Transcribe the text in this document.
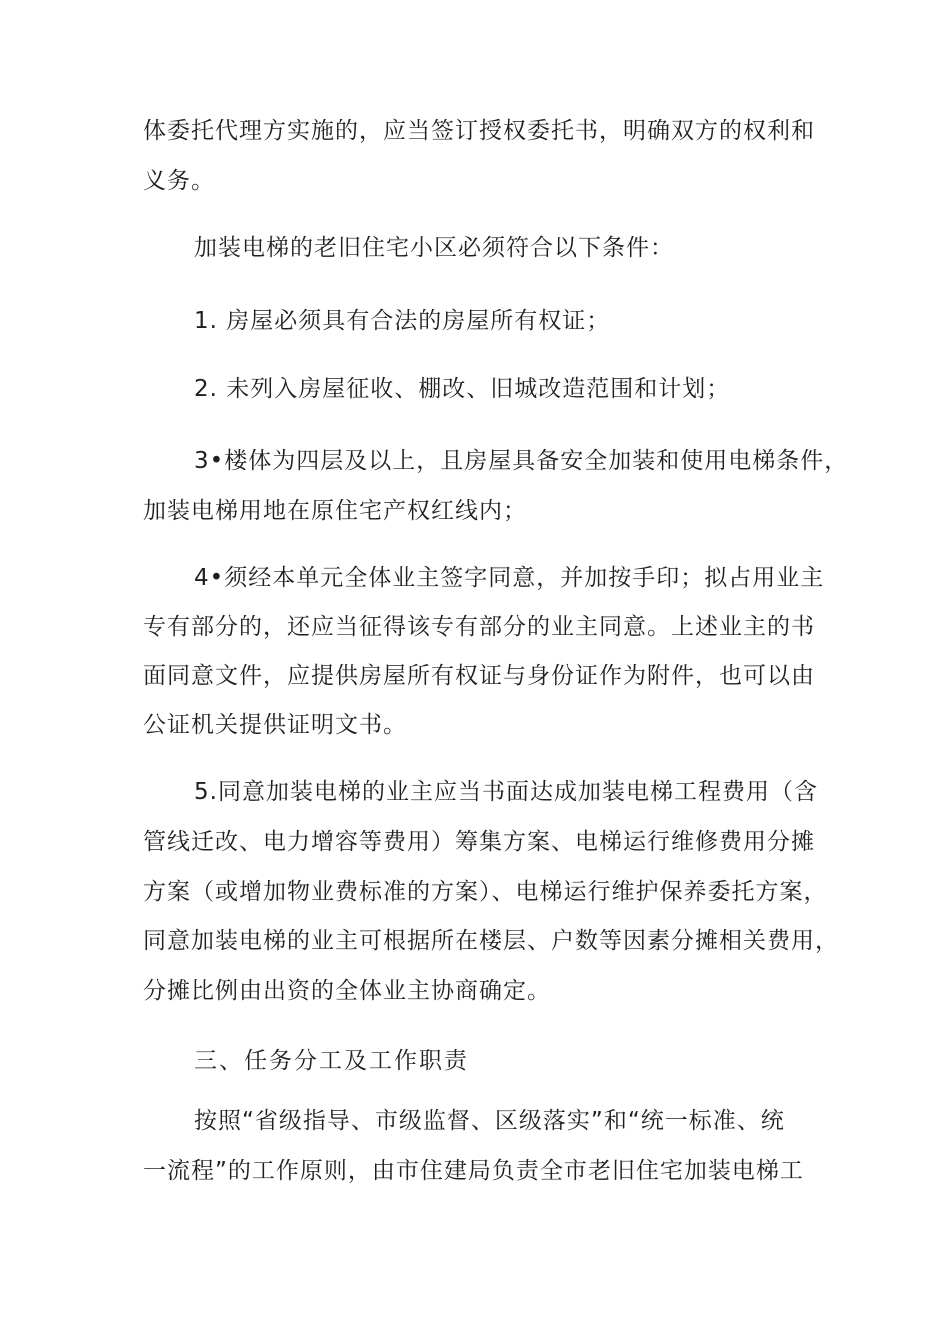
体委托代理方实施的，应当签订授权委托书，明确双方的权利和
义务。
加装电梯的老旧住宅小区必须符合以下条件：
1. 房屋必须具有合法的房屋所有权证；
2. 未列入房屋征收、棚改、旧城改造范围和计划；
3•楼体为四层及以上，且房屋具备安全加装和使用电梯条件，
加装电梯用地在原住宅产权红线内；
4•须经本单元全体业主签字同意，并加按手印；拟占用业主
专有部分的，还应当征得该专有部分的业主同意。上述业主的书
面同意文件，应提供房屋所有权证与身份证作为附件，也可以由
公证机关提供证明文书。
5.同意加装电梯的业主应当书面达成加装电梯工程费用（含
管线迁改、电力增容等费用）筹集方案、电梯运行维修费用分摊
方案（或增加物业费标准的方案）、电梯运行维护保养委托方案，
同意加装电梯的业主可根据所在楼层、户数等因素分摊相关费用，
分摊比例由出资的全体业主协商确定。
三、任务分工及工作职责
按照“省级指导、市级监督、区级落实”和“统一标准、统
一流程”的工作原则，由市住建局负责全市老旧住宅加装电梯工
